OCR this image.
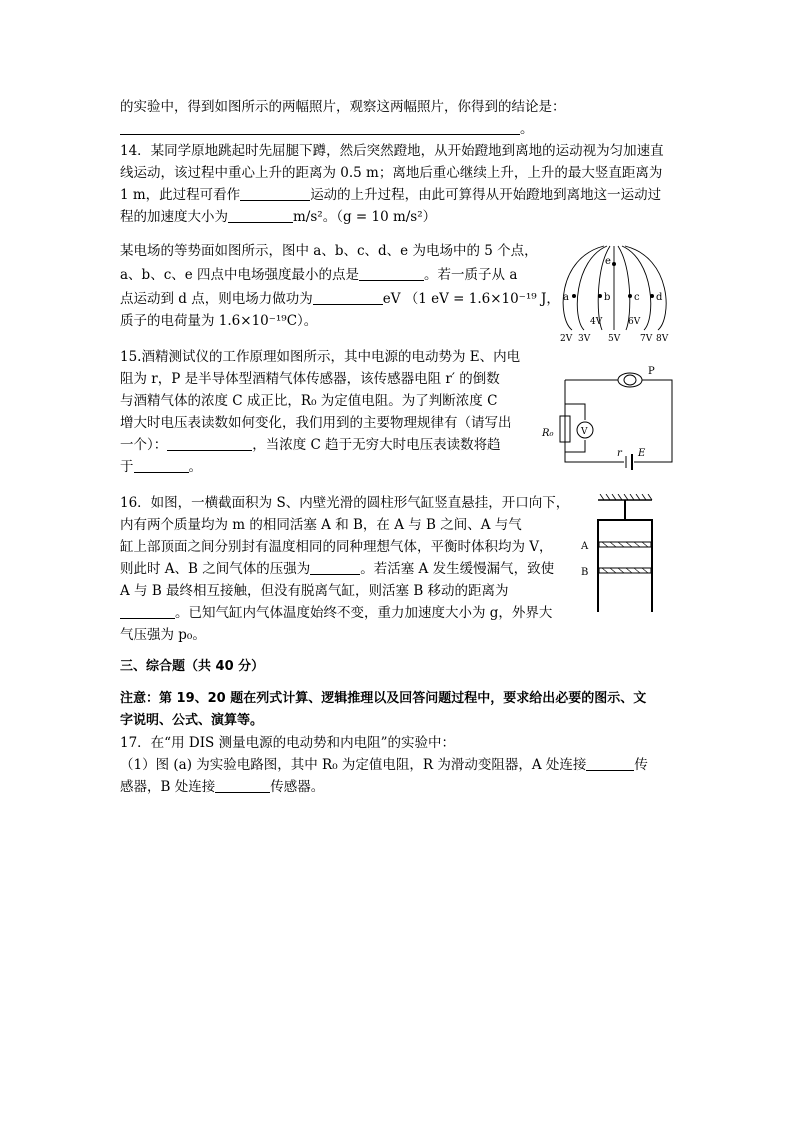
的实验中，得到如图所示的两幅照片，观察这两幅照片，你得到的结论是：
。
14．某同学原地跳起时先屈腿下蹲，然后突然蹬地，从开始蹬地到离地的运动视为匀加速直
线运动，该过程中重心上升的距离为 0.5 m；离地后重心继续上升，上升的最大竖直距离为
1 m，此过程可看作	运动的上升过程，由此可算得从开始蹬地到离地这一运动过
程的加速度大小为	m/s²。（g = 10 m/s²）
某电场的等势面如图所示，图中 a、b、c、d、e 为电场中的 5 个点，
a、b、c、e 四点中电场强度最小的点是	。若一质子从 a
点运动到 d 点，则电场力做功为	eV （1 eV = 1.6×10⁻¹⁹ J，
质子的电荷量为 1.6×10⁻¹⁹C）。
a	b c d
e
4V	6V
2V 3V 5V 7V 8V
15.酒精测试仪的工作原理如图所示，其中电源的电动势为 E、内电
阻为 r，P 是半导体型酒精气体传感器，该传感器电阻 r′ 的倒数
与酒精气体的浓度 C 成正比，R₀ 为定值电阻。为了判断浓度 C
增大时电压表读数如何变化，我们用到的主要物理规律有（请写出
一个）：	，当浓度 C 趋于无穷大时电压表读数将趋
于	。
P
V
R₀
r E
16．如图，一横截面积为 S、内壁光滑的圆柱形气缸竖直悬挂，开口向下，
内有两个质量均为 m 的相同活塞 A 和 B，在 A 与 B 之间、A 与气
缸上部顶面之间分别封有温度相同的同种理想气体，平衡时体积均为 V，
则此时 A、B 之间气体的压强为	。若活塞 A 发生缓慢漏气，致使
A 与 B 最终相互接触，但没有脱离气缸，则活塞 B 移动的距离为
。已知气缸内气体温度始终不变，重力加速度大小为 g，外界大
气压强为 p₀。
A
B
三、综合题（共 40 分）
注意：第 19、20 题在列式计算、逻辑推理以及回答问题过程中，要求给出必要的图示、文
字说明、公式、演算等。
17．在“用 DIS 测量电源的电动势和内电阻”的实验中：
（1）图 (a) 为实验电路图，其中 R₀ 为定值电阻，R 为滑动变阻器，A 处连接	传
感器，B 处连接	传感器。
